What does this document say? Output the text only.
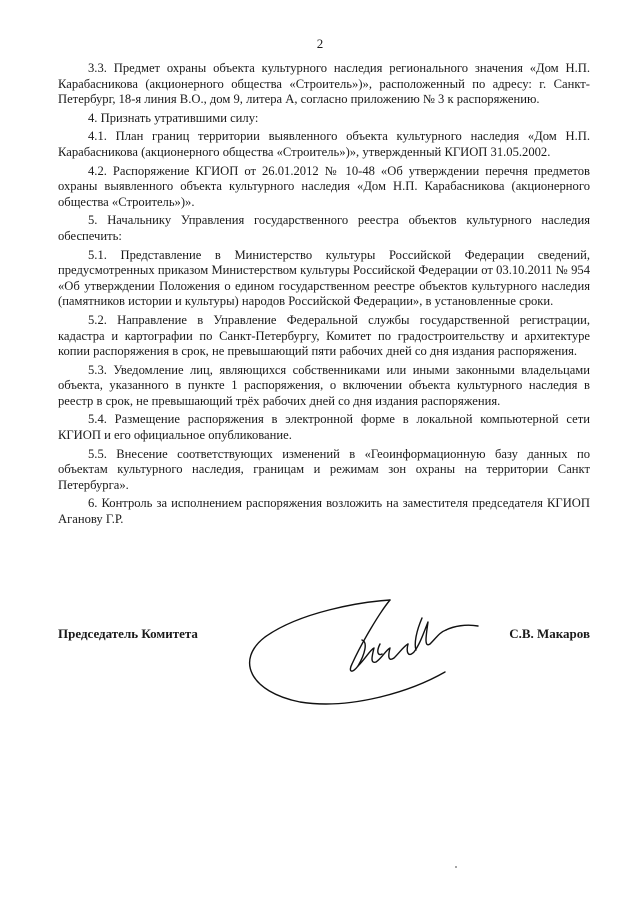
2

3.3. Предмет охраны объекта культурного наследия регионального значения «Дом Н.П. Карабасникова (акционерного общества «Строитель»)», расположенный по адресу: г. Санкт-Петербург, 18-я линия В.О., дом 9, литера А, согласно приложению № 3 к распоряжению.

4. Признать утратившими силу:

4.1. План границ территории выявленного объекта культурного наследия «Дом Н.П. Карабасникова (акционерного общества «Строитель»)», утвержденный КГИОП 31.05.2002.

4.2. Распоряжение КГИОП от 26.01.2012 № 10-48 «Об утверждении перечня предметов охраны выявленного объекта культурного наследия «Дом Н.П. Карабасникова (акционерного общества «Строитель»)».

5. Начальнику Управления государственного реестра объектов культурного наследия обеспечить:

5.1. Представление в Министерство культуры Российской Федерации сведений, предусмотренных приказом Министерством культуры Российской Федерации от 03.10.2011 № 954 «Об утверждении Положения о едином государственном реестре объектов культурного наследия (памятников истории и культуры) народов Российской Федерации», в установленные сроки.

5.2. Направление в Управление Федеральной службы государственной регистрации, кадастра и картографии по Санкт-Петербургу, Комитет по градостроительству и архитектуре копии распоряжения в срок, не превышающий пяти рабочих дней со дня издания распоряжения.

5.3. Уведомление лиц, являющихся собственниками или иными законными владельцами объекта, указанного в пункте 1 распоряжения, о включении объекта культурного наследия в реестр в срок, не превышающий трёх рабочих дней со дня издания распоряжения.

5.4. Размещение распоряжения в электронной форме в локальной компьютерной сети КГИОП и его официальное опубликование.

5.5. Внесение соответствующих изменений в «Геоинформационную базу данных по объектам культурного наследия, границам и режимам зон охраны на территории Санкт Петербурга».

6. Контроль за исполнением распоряжения возложить на заместителя председателя КГИОП Аганову Г.Р.

Председатель Комитета	С.В. Макаров
